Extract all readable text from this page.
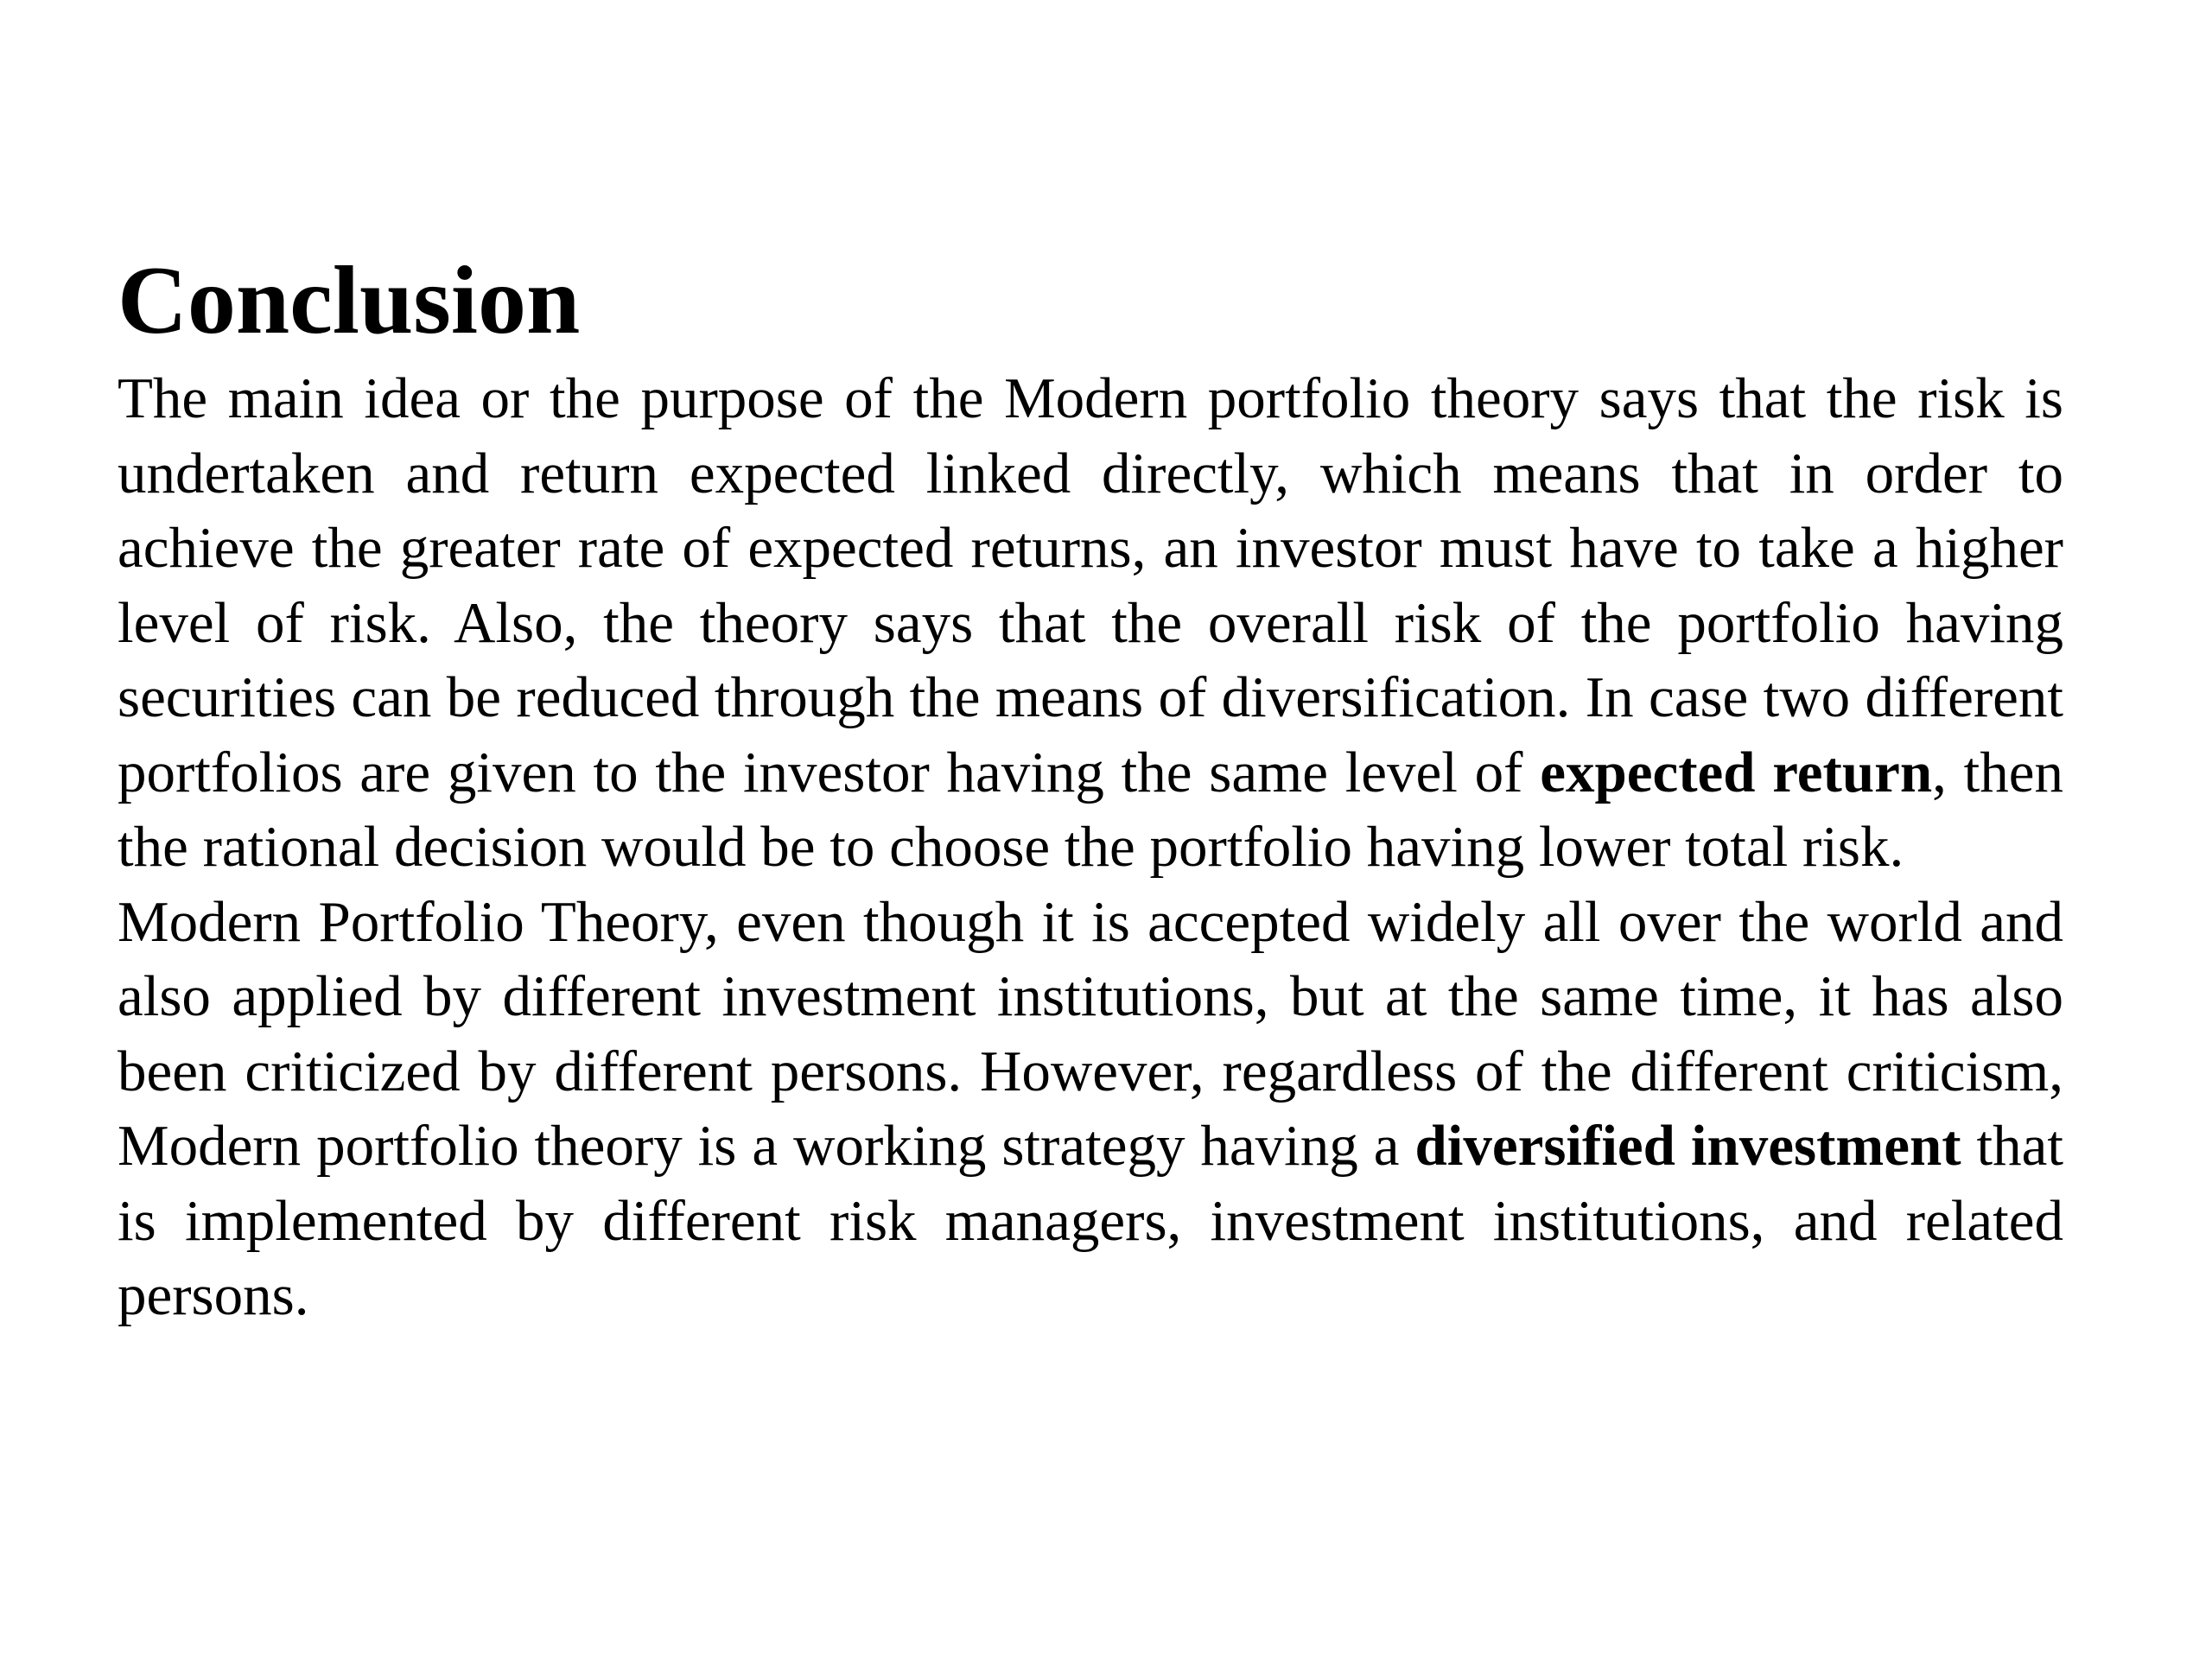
Conclusion

The main idea or the purpose of the Modern portfolio theory says that the risk is undertaken and return expected linked directly, which means that in order to achieve the greater rate of expected returns, an investor must have to take a higher level of risk. Also, the theory says that the overall risk of the portfolio having securities can be reduced through the means of diversification. In case two different portfolios are given to the investor having the same level of expected return, then the rational decision would be to choose the portfolio having lower total risk.

Modern Portfolio Theory, even though it is accepted widely all over the world and also applied by different investment institutions, but at the same time, it has also been criticized by different persons. However, regardless of the different criticism, Modern portfolio theory is a working strategy having a diversified investment that is implemented by different risk managers, investment institutions, and related persons.
